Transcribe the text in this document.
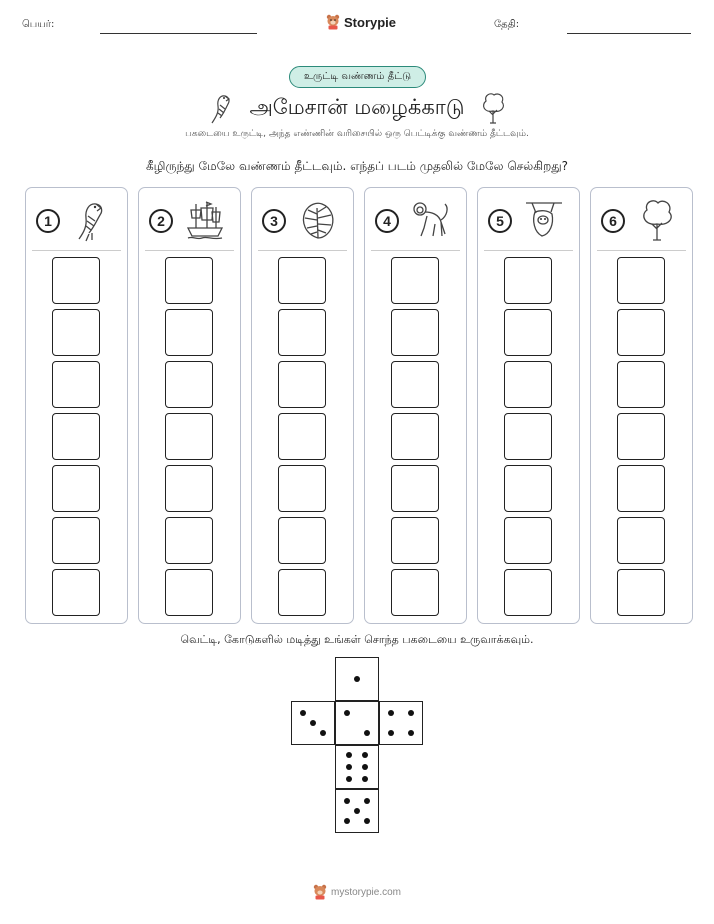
பெயர்:	Storypie	தேதி:
உருட்டி வண்ணம் தீட்டு
அமேசான் மழைக்காடு
பகடையை உருட்டி, அந்த எண்ணின் வரிசையில் ஒரு பெட்டிக்கு வண்ணம் தீட்டவும்.
கீழிருந்து மேலே வண்ணம் தீட்டவும். எந்தப் படம் முதலில் மேலே செல்கிறது?
1	2	3	4	5	6
வெட்டி, கோடுகளில் மடித்து உங்கள் சொந்த பகடையை உருவாக்கவும்.
mystorypie.com
